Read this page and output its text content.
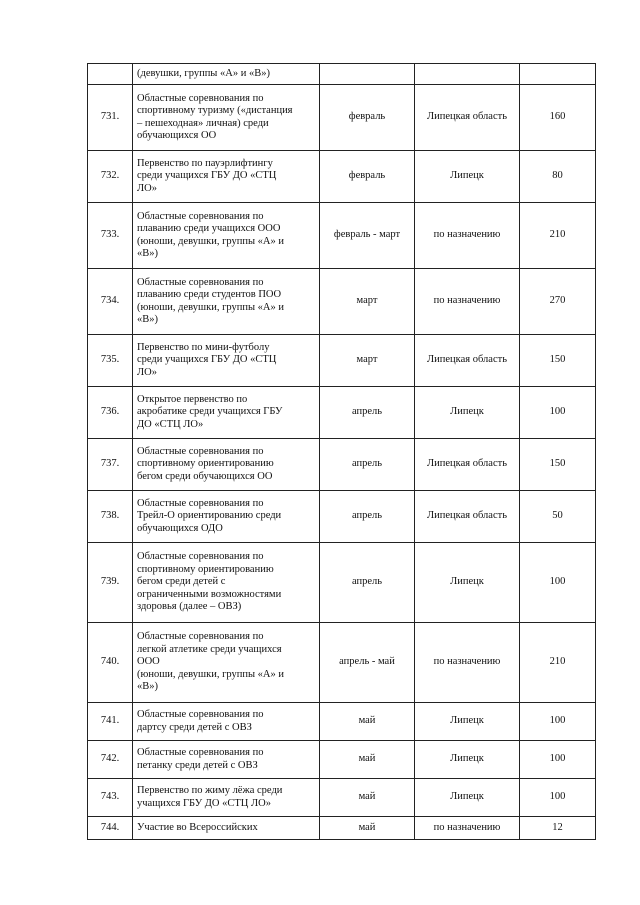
	(девушки, группы «А» и «В»)			
731.	Областные соревнования по
спортивному туризму («дистанция
– пешеходная» личная) среди
обучающихся ОО	февраль	Липецкая область	160
732.	Первенство по пауэрлифтингу
среди учащихся ГБУ ДО «СТЦ
ЛО»	февраль	Липецк	80
733.	Областные соревнования по
плаванию среди учащихся ООО
(юноши, девушки, группы «А» и
«В»)	февраль - март	по назначению	210
734.	Областные соревнования по
плаванию среди студентов ПОО
(юноши, девушки, группы «А» и
«В»)	март	по назначению	270
735.	Первенство по мини-футболу
среди учащихся ГБУ ДО «СТЦ
ЛО»	март	Липецкая область	150
736.	Открытое первенство по
акробатике среди учащихся ГБУ
ДО «СТЦ ЛО»	апрель	Липецк	100
737.	Областные соревнования по
спортивному ориентированию
бегом среди обучающихся ОО	апрель	Липецкая область	150
738.	Областные соревнования по
Трейл-О ориентированию среди
обучающихся ОДО	апрель	Липецкая область	50
739.	Областные соревнования по
спортивному ориентированию
бегом среди детей с
ограниченными возможностями
здоровья (далее – ОВЗ)	апрель	Липецк	100
740.	Областные соревнования по
легкой атлетике среди учащихся
ООО
(юноши, девушки, группы «А» и
«В»)	апрель - май	по назначению	210
741.	Областные соревнования по
дартсу среди детей с ОВЗ	май	Липецк	100
742.	Областные соревнования по
петанку среди детей с ОВЗ	май	Липецк	100
743.	Первенство по жиму лёжа среди
учащихся ГБУ ДО «СТЦ ЛО»	май	Липецк	100
744.	Участие во Всероссийских	май	по назначению	12
